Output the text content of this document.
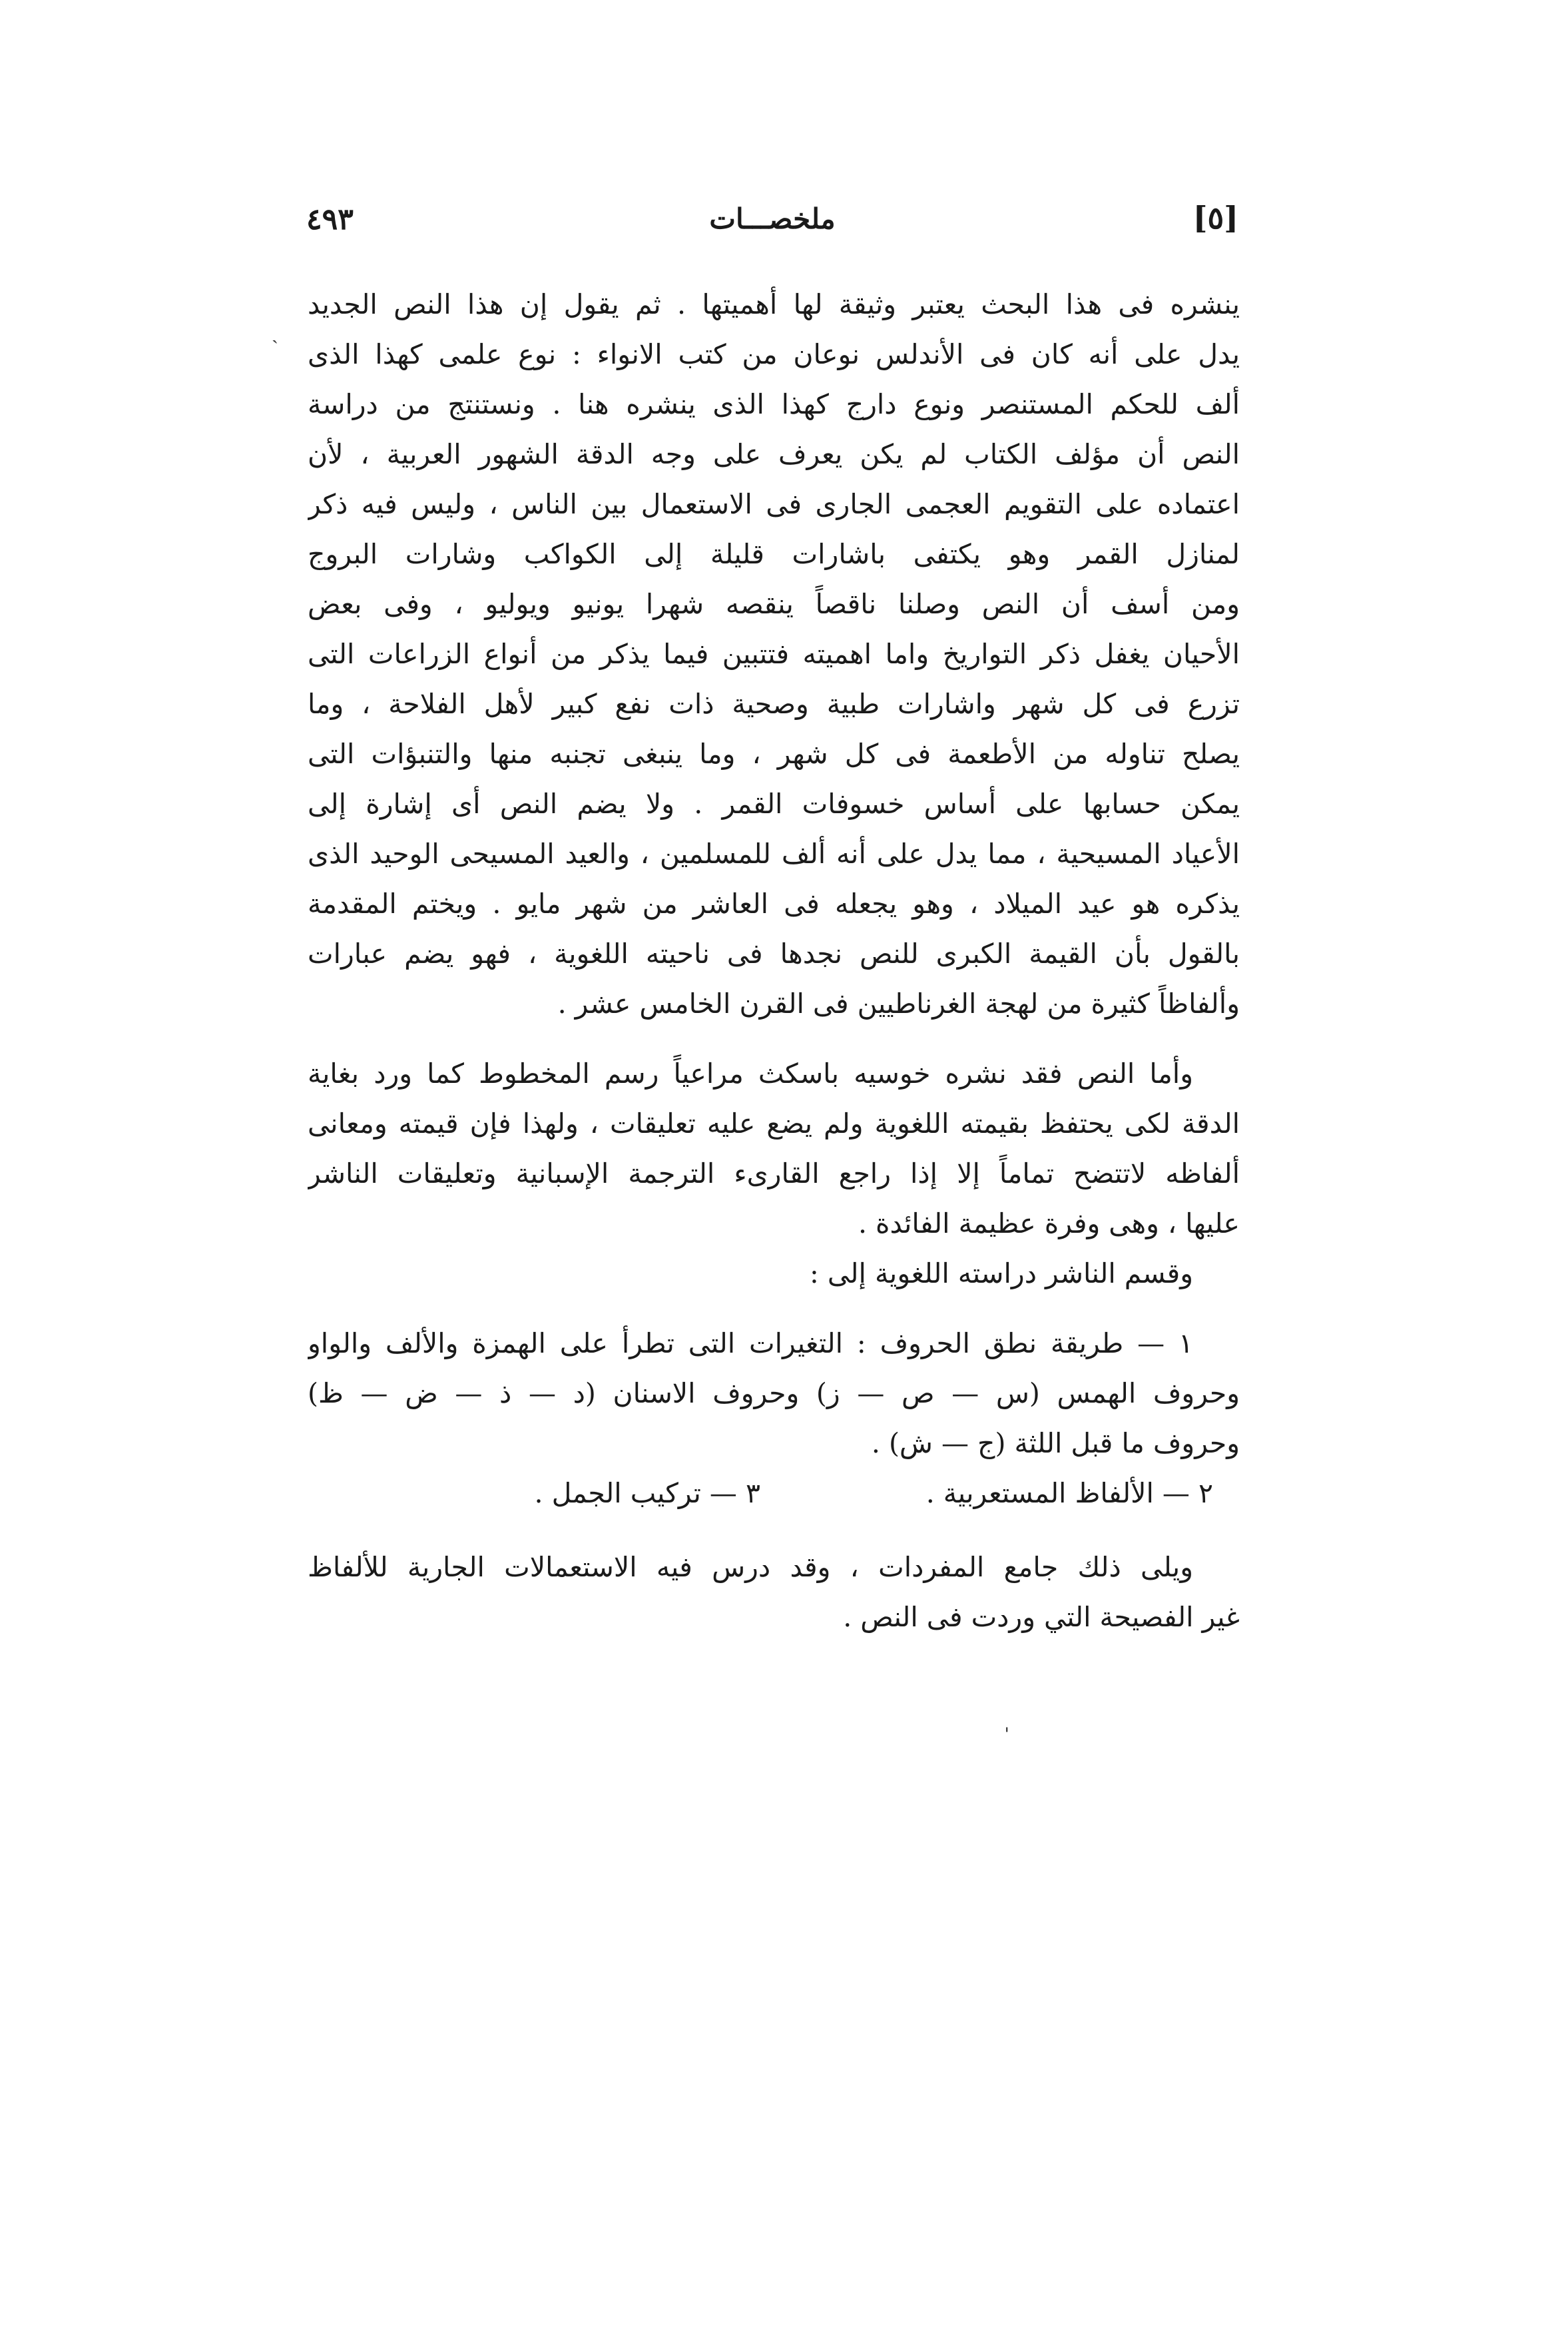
[٥]
ملخصـــات
٤٩٣
ينشره فى هذا البحث يعتبر وثيقة لها أهميتها . ثم يقول إن هذا النص الجديد
يدل على أنه كان فى الأندلس نوعان من كتب الانواء : نوع علمى كهذا الذى
ألف للحكم المستنصر ونوع دارج كهذا الذى ينشره هنا . ونستنتج من دراسة
النص أن مؤلف الكتاب لم يكن يعرف على وجه الدقة الشهور العربية ، لأن
اعتماده على التقويم العجمى الجارى فى الاستعمال بين الناس ، وليس فيه ذكر
لمنازل القمر وهو يكتفى باشارات قليلة إلى الكواكب وشارات البروج
ومن أسف أن النص وصلنا ناقصاً ينقصه شهرا يونيو ويوليو ، وفى بعض
الأحيان يغفل ذكر التواريخ واما اهميته فتتبين فيما يذكر من أنواع الزراعات التى
تزرع فى كل شهر واشارات طبية وصحية ذات نفع كبير لأهل الفلاحة ، وما
يصلح تناوله من الأطعمة فى كل شهر ، وما ينبغى تجنبه منها والتنبؤات التى
يمكن حسابها على أساس خسوفات القمر . ولا يضم النص أى إشارة إلى
الأعياد المسيحية ، مما يدل على أنه ألف للمسلمين ، والعيد المسيحى الوحيد الذى
يذكره هو عيد الميلاد ، وهو يجعله فى العاشر من شهر مايو . ويختم المقدمة
بالقول بأن القيمة الكبرى للنص نجدها فى ناحيته اللغوية ، فهو يضم عبارات
وألفاظاً كثيرة من لهجة الغرناطيين فى القرن الخامس عشر .
وأما النص فقد نشره خوسيه باسكث مراعياً رسم المخطوط كما ورد بغاية
الدقة لكى يحتفظ بقيمته اللغوية ولم يضع عليه تعليقات ، ولهذا فإن قيمته ومعانى
ألفاظه لاتتضح تماماً إلا إذا راجع القارىء الترجمة الإسبانية وتعليقات الناشر
عليها ، وهى وفرة عظيمة الفائدة .
وقسم الناشر دراسته اللغوية إلى :
١ — طريقة نطق الحروف : التغيرات التى تطرأ على الهمزة والألف والواو
وحروف الهمس (س — ص — ز) وحروف الاسنان (د — ذ — ض — ظ)
وحروف ما قبل اللثة (ج — ش) .
٢ — الألفاظ المستعربية .
٣ — تركيب الجمل .
ويلى ذلك جامع المفردات ، وقد درس فيه الاستعمالات الجارية للألفاظ
غير الفصيحة التي وردت فى النص .
ˎ
ˌ
